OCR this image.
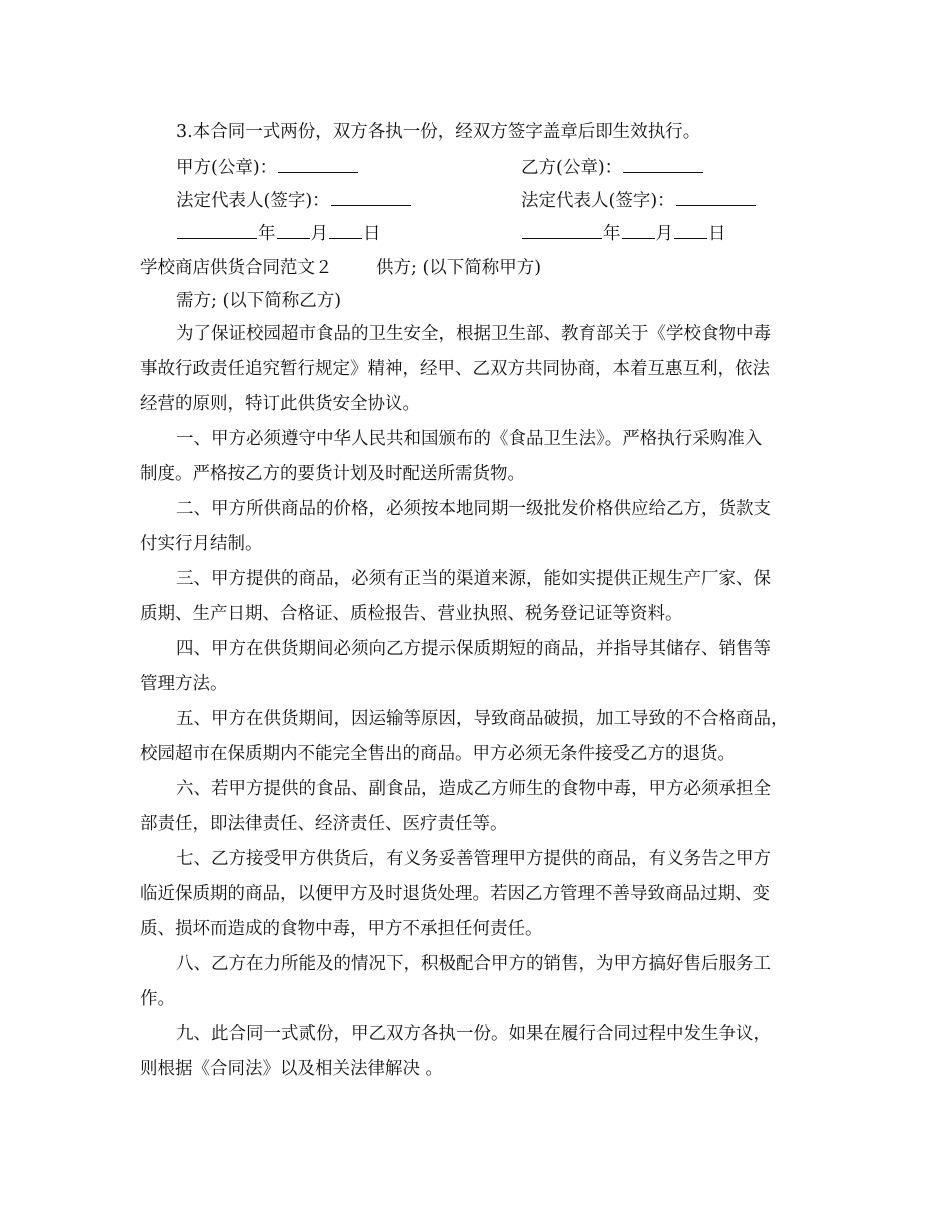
3.本合同一式两份，双方各执一份，经双方签字盖章后即生效执行。
甲方(公章)：	乙方(公章)：
法定代表人(签字)：	法定代表人(签字)：
年 月 日	年 月 日
学校商店供货合同范文２ 供方; (以下简称甲方)
需方; (以下简称乙方)
为了保证校园超市食品的卫生安全，根据卫生部、教育部关于《学校食物中毒
事故行政责任追究暂行规定》精神，经甲、乙双方共同协商，本着互惠互利，依法
经营的原则，特订此供货安全协议。
一、甲方必须遵守中华人民共和国颁布的《食品卫生法》。严格执行采购准入
制度。严格按乙方的要货计划及时配送所需货物。
二、甲方所供商品的价格，必须按本地同期一级批发价格供应给乙方，货款支
付实行月结制。
三、甲方提供的商品，必须有正当的渠道来源，能如实提供正规生产厂家、保
质期、生产日期、合格证、质检报告、营业执照、税务登记证等资料。
四、甲方在供货期间必须向乙方提示保质期短的商品，并指导其储存、销售等
管理方法。
五、甲方在供货期间，因运输等原因，导致商品破损，加工导致的不合格商品，
校园超市在保质期内不能完全售出的商品。甲方必须无条件接受乙方的退货。
六、若甲方提供的食品、副食品，造成乙方师生的食物中毒，甲方必须承担全
部责任，即法律责任、经济责任、医疗责任等。
七、乙方接受甲方供货后，有义务妥善管理甲方提供的商品，有义务告之甲方
临近保质期的商品，以便甲方及时退货处理。若因乙方管理不善导致商品过期、变
质、损坏而造成的食物中毒，甲方不承担任何责任。
八、乙方在力所能及的情况下，积极配合甲方的销售，为甲方搞好售后服务工
作。
九、此合同一式贰份，甲乙双方各执一份。如果在履行合同过程中发生争议，
则根据《合同法》以及相关法律解决 。
